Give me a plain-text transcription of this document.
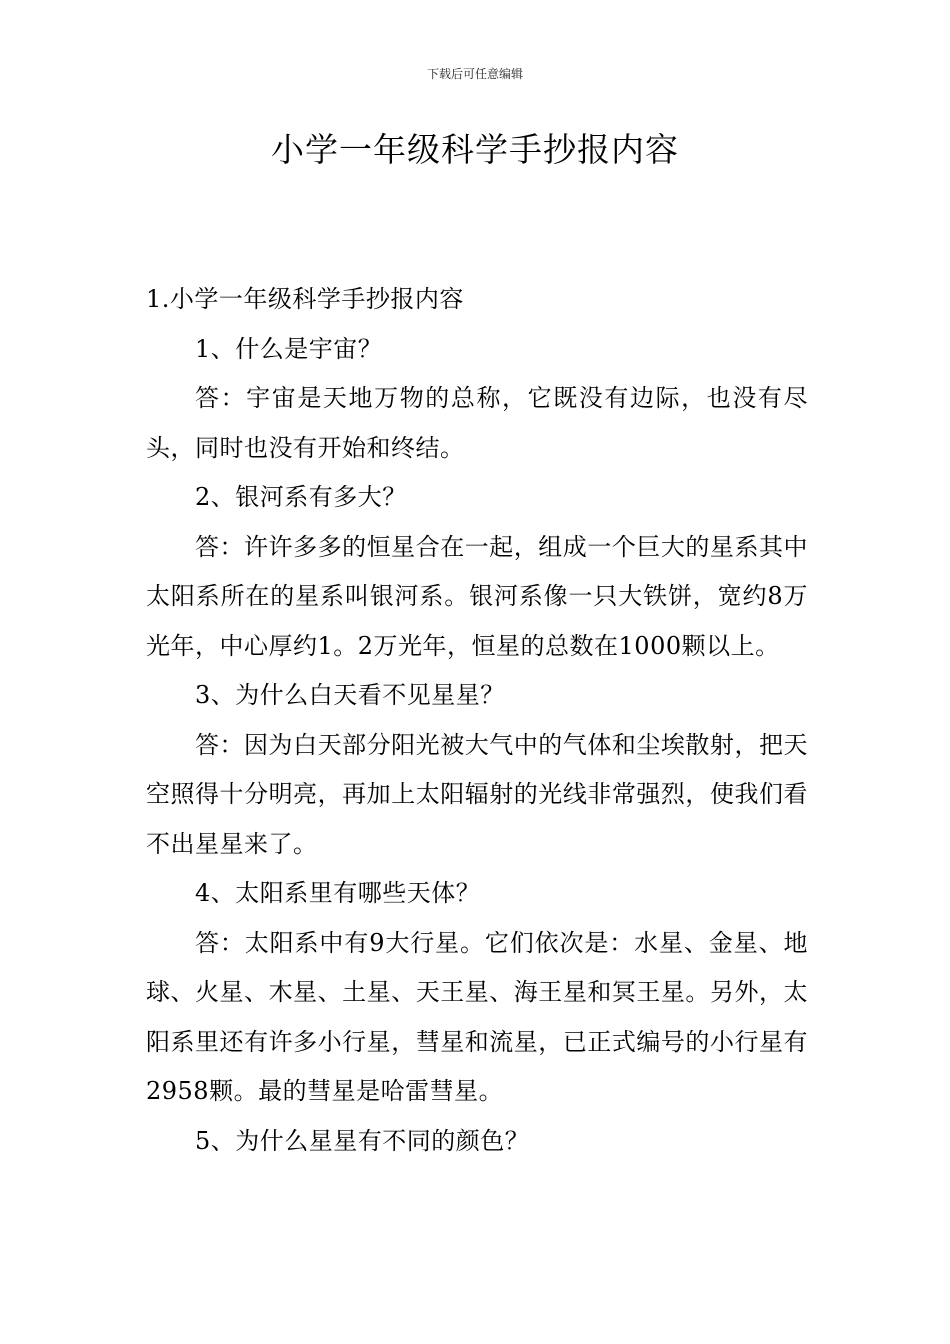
下载后可任意编辑
小学一年级科学手抄报内容

1.小学一年级科学手抄报内容

1、什么是宇宙？

答：宇宙是天地万物的总称，它既没有边际，也没有尽头，同时也没有开始和终结。

2、银河系有多大？

答：许许多多的恒星合在一起，组成一个巨大的星系其中太阳系所在的星系叫银河系。银河系像一只大铁饼，宽约8万光年，中心厚约1。2万光年，恒星的总数在1000颗以上。

3、为什么白天看不见星星？

答：因为白天部分阳光被大气中的气体和尘埃散射，把天空照得十分明亮，再加上太阳辐射的光线非常强烈，使我们看不出星星来了。

4、太阳系里有哪些天体？

答：太阳系中有9大行星。它们依次是：水星、金星、地球、火星、木星、土星、天王星、海王星和冥王星。另外，太阳系里还有许多小行星，彗星和流星，已正式编号的小行星有2958颗。最的彗星是哈雷彗星。

5、为什么星星有不同的颜色？
